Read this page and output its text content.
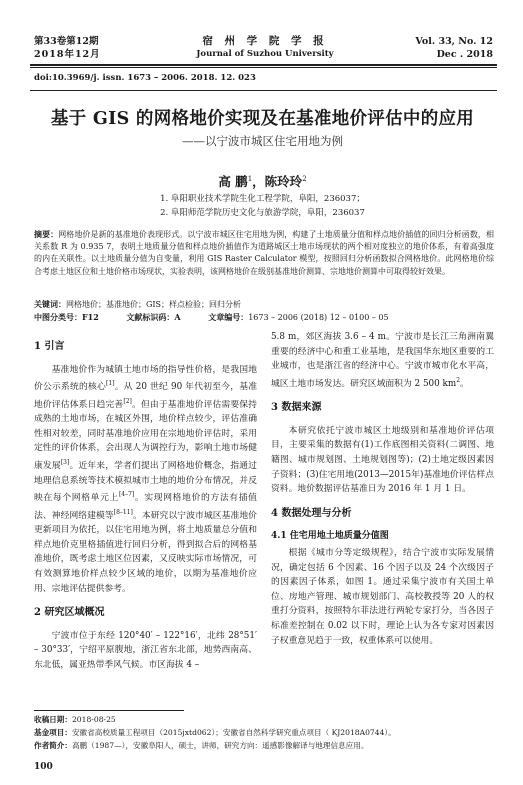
第33卷第12期
2018年12月
宿 州 学 院 学 报
Journal of Suzhou University
Vol. 33, No. 12
Dec . 2018
doi:10.3969/j. issn. 1673 – 2006. 2018. 12. 023
基于 GIS 的网格地价实现及在基准地价评估中的应用
——以宁波市城区住宅用地为例
高 鹏$^1$，陈玲玲$^2$
1. 阜阳职业技术学院生化工程学院，阜阳，236037；
2. 阜阳师范学院历史文化与旅游学院，阜阳，236037
摘要：网格地价是新的基准地价表现形式。以宁波市城区住宅用地为例，构建了土地质量分值和样点地价插值的回归分析函数，相关系数 R 为 0.935 7，表明土地质量分值和样点地价插值作为道路城区土地市场现状的两个相对度独立的地价体系，有着高强度的内在关联性。以土地质量分值为自变量，利用 GIS Raster Calculator 模型，按照回归分析函数拟合网格地价。此网格地价综合考虑土地区位和土地价格市场现状，实验表明，该网格地价在级别基准地价测算、宗地地价测算中可取得较好效果。
关键词：网格地价；基准地价；GIS；样点检验；回归分析
中图分类号：F12	文献标识码：A	文章编号：1673 – 2006 (2018) 12 – 0100 – 05
1 引言

基准地价作为城镇土地市场的指导性价格，是我国地价公示系统的核心[1]。从 20 世纪 90 年代初至今，基准地价评估体系日趋完善[2]。但由于基准地价评估需要保持成熟的土地市场，在城区外围，地价样点较少，评估准确性相对较差，同时基准地价应用在宗地地价评估时，采用定性的评价体系，会出现人为调控行为，影响土地市场健康发展[3]。近年来，学者们提出了网格地价概念，指通过地理信息系统等技术模拟城市土地的地价分布情况，并反映在每个网格单元上[4–7]。实现网格地价的方法有插值法、神经网络建模等[8–11]。本研究以宁波市城区基准地价更新项目为依托，以住宅用地为例，将土地质量总分值和样点地价克里格插值进行回归分析，得到拟合后的网格基准地价，既考虑土地区位因素，又反映实际市场情况，可有效测算地价样点较少区域的地价，以期为基准地价应用、宗地评估提供参考。

2 研究区域概况

宁波市位于东经 120°40′ – 122°16′，北纬 28°51′ – 30°33′，宁绍平原腹地，浙江省东北部，地势西南高、东北低，属亚热带季风气候。市区海拔 4 –

5.8 m，郊区海拔 3.6 – 4 m。宁波市是长江三角洲南翼重要的经济中心和重工业基地，是我国华东地区重要的工业城市，也是浙江省的经济中心。宁波市城市化水平高，城区土地市场发达。研究区域面积为 2 500 $km^2$。

3 数据来源

本研究依托宁波市城区土地级别和基准地价评估项目，主要采集的数据有(1)工作底图相关资料(二调图、地籍图、城市规划图、土地规划图等)；(2)土地定级因素因子资料；(3)住宅用地(2013—2015年)基准地价评估样点资料。地价数据评估基准日为 2016 年 1 月 1 日。

4 数据处理与分析
4.1 住宅用地土地质量分值图

根据《城市分等定级规程》，结合宁波市实际发展情况，确定包括 6 个因素、16 个因子以及 24 个次级因子的因素因子体系，如图 1。通过采集宁波市有关国土单位、房地产管理、城市规划部门、高校教授等 20 人的权重打分资料，按照特尔菲法进行两轮专家打分，当各因子标准差控制在 0.02 以下时，理论上认为各专家对因素因子权重意见趋于一致，权重体系可以使用。

收稿日期：2018-08-25
基金项目：安徽省高校质量工程项目（2015jxtd062）；安徽省自然科学研究重点项目（ KJ2018A0744）。
作者简介：高鹏（1987—），安徽阜阳人，硕士，讲师，研究方向：遥感影像解译与地理信息应用。
100
